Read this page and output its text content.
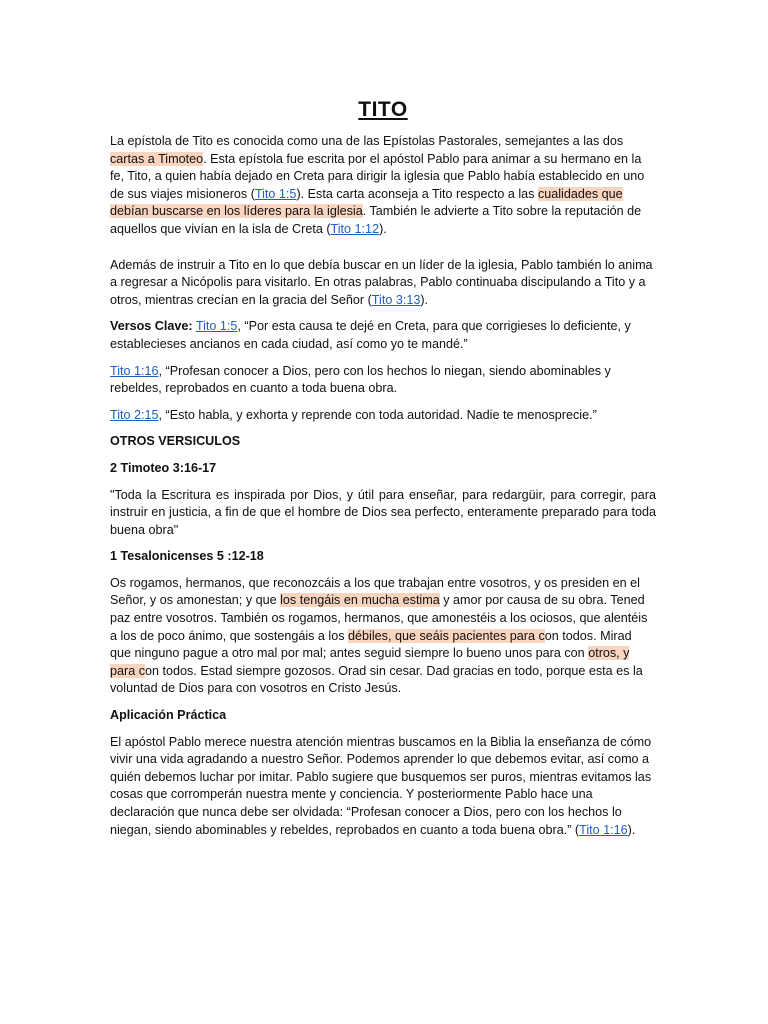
TITO

La epístola de Tito es conocida como una de las Epístolas Pastorales, semejantes a las dos cartas a Timoteo. Esta epístola fue escrita por el apóstol Pablo para animar a su hermano en la fe, Tito, a quien había dejado en Creta para dirigir la iglesia que Pablo había establecido en uno de sus viajes misioneros (Tito 1:5). Esta carta aconseja a Tito respecto a las cualidades que debían buscarse en los líderes para la iglesia. También le advierte a Tito sobre la reputación de aquellos que vivían en la isla de Creta (Tito 1:12).

Además de instruir a Tito en lo que debía buscar en un líder de la iglesia, Pablo también lo anima a regresar a Nicópolis para visitarlo. En otras palabras, Pablo continuaba discipulando a Tito y a otros, mientras crecían en la gracia del Señor (Tito 3:13).

Versos Clave: Tito 1:5, “Por esta causa te dejé en Creta, para que corrigieses lo deficiente, y establecieses ancianos en cada ciudad, así como yo te mandé.”

Tito 1:16, “Profesan conocer a Dios, pero con los hechos lo niegan, siendo abominables y rebeldes, reprobados en cuanto a toda buena obra.

Tito 2:15, “Esto habla, y exhorta y reprende con toda autoridad. Nadie te menosprecie.”

OTROS VERSICULOS

2 Timoteo 3:16-17

"Toda la Escritura es inspirada por Dios, y útil para enseñar, para redargüir, para corregir, para instruir en justicia, a fin de que el hombre de Dios sea perfecto, enteramente preparado para toda buena obra"

1 Tesalonicenses 5 :12-18

Os rogamos, hermanos, que reconozcáis a los que trabajan entre vosotros, y os presiden en el Señor, y os amonestan; y que los tengáis en mucha estima y amor por causa de su obra. Tened paz entre vosotros. También os rogamos, hermanos, que amonestéis a los ociosos, que alentéis a los de poco ánimo, que sostengáis a los débiles, que seáis pacientes para con todos. Mirad que ninguno pague a otro mal por mal; antes seguid siempre lo bueno unos para con otros, y para con todos. Estad siempre gozosos. Orad sin cesar. Dad gracias en todo, porque esta es la voluntad de Dios para con vosotros en Cristo Jesús.

Aplicación Práctica

El apóstol Pablo merece nuestra atención mientras buscamos en la Biblia la enseñanza de cómo vivir una vida agradando a nuestro Señor. Podemos aprender lo que debemos evitar, así como a quién debemos luchar por imitar. Pablo sugiere que busquemos ser puros, mientras evitamos las cosas que corromperán nuestra mente y conciencia. Y posteriormente Pablo hace una declaración que nunca debe ser olvidada: “Profesan conocer a Dios, pero con los hechos lo niegan, siendo abominables y rebeldes, reprobados en cuanto a toda buena obra.” (Tito 1:16).
